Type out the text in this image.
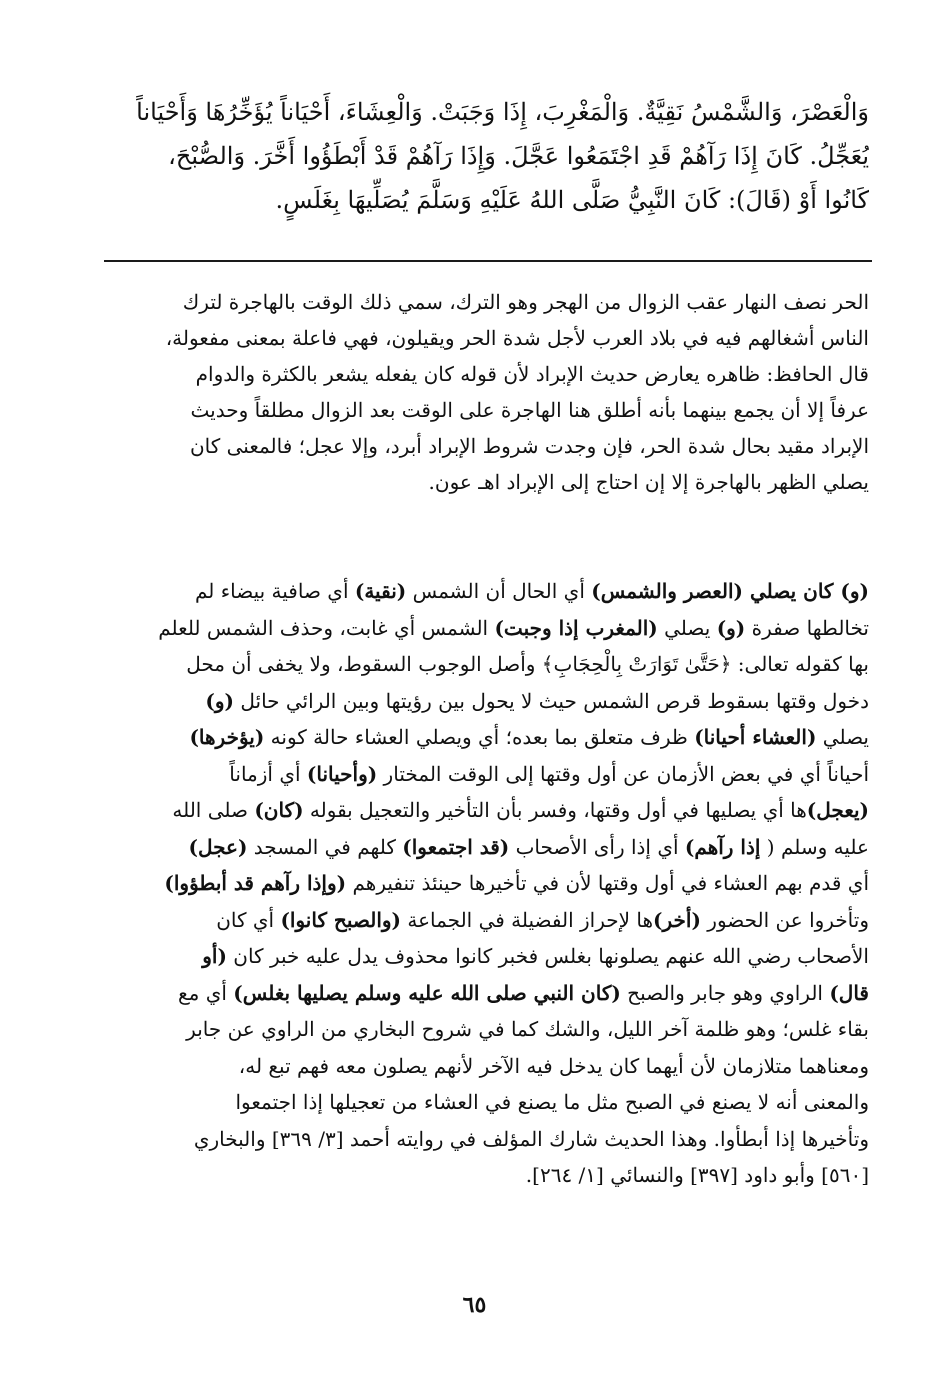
وَالْعَصْرَ، وَالشَّمْسُ نَقِيَّةٌ. وَالْمَغْرِبَ، إِذَا وَجَبَتْ. وَالْعِشَاءَ، أَحْيَاناً يُؤَخِّرُهَا وَأَحْيَاناً
يُعَجِّلُ. كَانَ إِذَا رَآهُمْ قَدِ اجْتَمَعُوا عَجَّلَ. وَإِذَا رَآهُمْ قَدْ أَبْطَؤُوا أَخَّرَ. وَالصُّبْحَ،
كَانُوا أَوْ (قَالَ): كَانَ النَّبِيُّ صَلَّى اللهُ عَلَيْهِ وَسَلَّمَ يُصَلِّيهَا بِغَلَسٍ.
الحر نصف النهار عقب الزوال من الهجر وهو الترك، سمي ذلك الوقت بالهاجرة لترك
الناس أشغالهم فيه في بلاد العرب لأجل شدة الحر ويقيلون، فهي فاعلة بمعنى مفعولة،
قال الحافظ: ظاهره يعارض حديث الإبراد لأن قوله كان يفعله يشعر بالكثرة والدوام
عرفاً إلا أن يجمع بينهما بأنه أطلق هنا الهاجرة على الوقت بعد الزوال مطلقاً وحديث
الإبراد مقيد بحال شدة الحر، فإن وجدت شروط الإبراد أبرد، وإلا عجل؛ فالمعنى كان
يصلي الظهر بالهاجرة إلا إن احتاج إلى الإبراد اهـ عون.
(و) كان يصلي (العصر والشمس) أي الحال أن الشمس (نقية) أي صافية بيضاء لم
تخالطها صفرة (و) يصلي (المغرب إذا وجبت) الشمس أي غابت، وحذف الشمس للعلم
بها كقوله تعالى: ﴿حَتَّىٰ تَوَارَتْ بِالْحِجَابِ﴾ وأصل الوجوب السقوط، ولا يخفى أن محل
دخول وقتها بسقوط قرص الشمس حيث لا يحول بين رؤيتها وبين الرائي حائل (و)
يصلي (العشاء أحيانا) ظرف متعلق بما بعده؛ أي ويصلي العشاء حالة كونه (يؤخرها)
أحياناً أي في بعض الأزمان عن أول وقتها إلى الوقت المختار (وأحيانا) أي أزماناً
(يعجل)ها أي يصليها في أول وقتها، وفسر بأن التأخير والتعجيل بقوله (كان) صلى الله
عليه وسلم ( إذا رآهم) أي إذا رأى الأصحاب (قد اجتمعوا) كلهم في المسجد (عجل)
أي قدم بهم العشاء في أول وقتها لأن في تأخيرها حينئذ تنفيرهم (وإذا رآهم قد أبطؤوا)
وتأخروا عن الحضور (أخر)ها لإحراز الفضيلة في الجماعة (والصبح كانوا) أي كان
الأصحاب رضي الله عنهم يصلونها بغلس فخبر كانوا محذوف يدل عليه خبر كان (أو
قال) الراوي وهو جابر والصبح (كان النبي صلى الله عليه وسلم يصليها بغلس) أي مع
بقاء غلس؛ وهو ظلمة آخر الليل، والشك كما في شروح البخاري من الراوي عن جابر
ومعناهما متلازمان لأن أيهما كان يدخل فيه الآخر لأنهم يصلون معه فهم تبع له،
والمعنى أنه لا يصنع في الصبح مثل ما يصنع في العشاء من تعجيلها إذا اجتمعوا
وتأخيرها إذا أبطأوا. وهذا الحديث شارك المؤلف في روايته أحمد [٣/ ٣٦٩] والبخاري
[٥٦٠] وأبو داود [٣٩٧] والنسائي [١/ ٢٦٤].
٦٥
